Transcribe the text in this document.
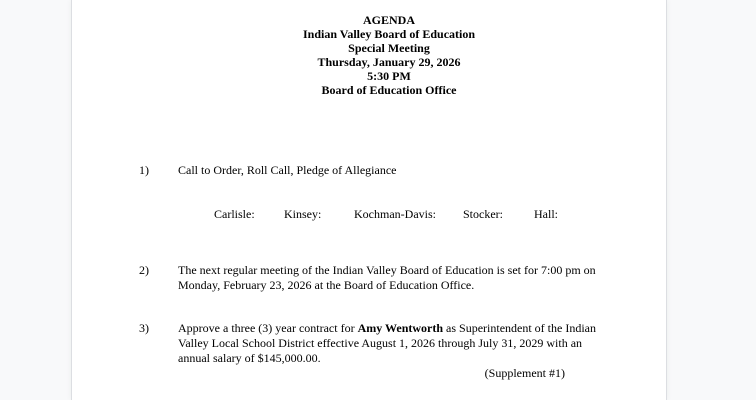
AGENDA
Indian Valley Board of Education
Special Meeting
Thursday, January 29, 2026
5:30 PM
Board of Education Office
1) Call to Order, Roll Call, Pledge of Allegiance
Carlisle: Kinsey:	Kochman-Davis: Stocker:	Hall:
2) The next regular meeting of the Indian Valley Board of Education is set for 7:00 pm on Monday, February 23, 2026 at the Board of Education Office.
3) Approve a three (3) year contract for Amy Wentworth as Superintendent of the Indian Valley Local School District effective August 1, 2026 through July 31, 2029 with an annual salary of $145,000.00.
(Supplement #1)
